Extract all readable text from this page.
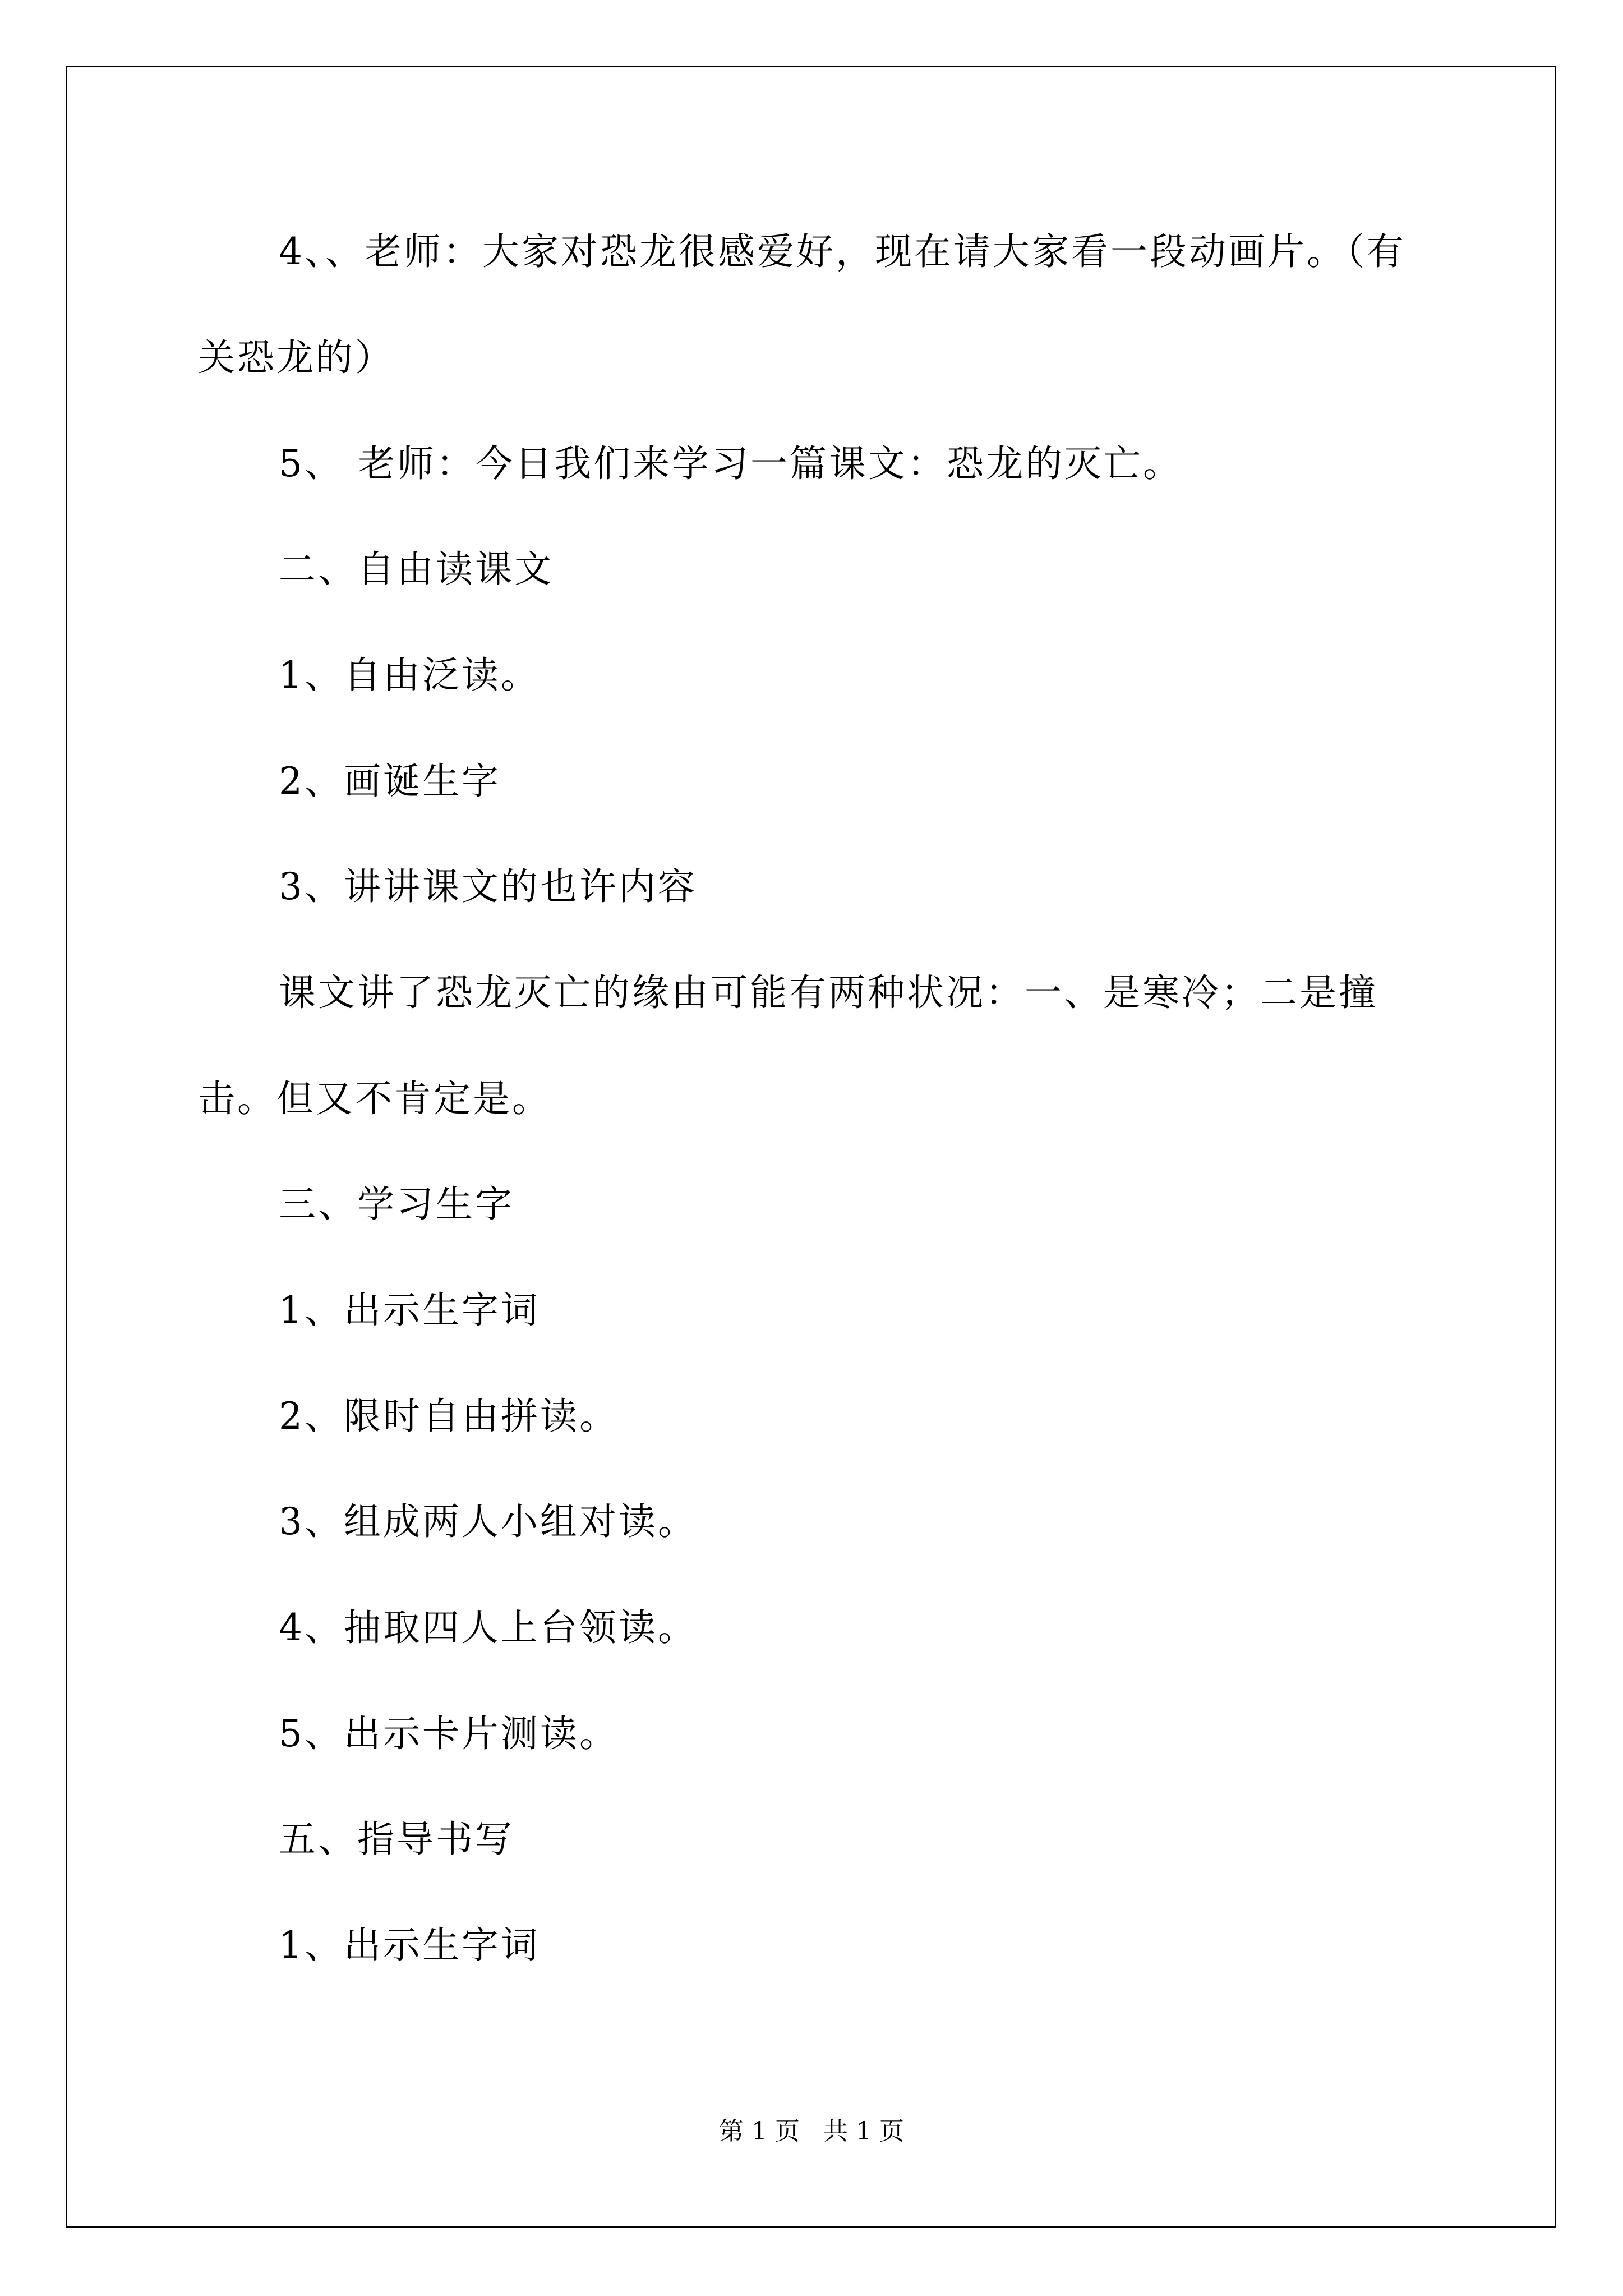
4、、老师：大家对恐龙很感爱好，现在请大家看一段动画片。（有
关恐龙的）
5、 老师：今日我们来学习一篇课文：恐龙的灭亡。
二、自由读课文
1、自由泛读。
2、画诞生字
3、讲讲课文的也许内容
课文讲了恐龙灭亡的缘由可能有两种状况：一、是寒冷；二是撞
击。但又不肯定是。
三、学习生字
1、出示生字词
2、限时自由拼读。
3、组成两人小组对读。
4、抽取四人上台领读。
5、出示卡片测读。
五、指导书写
1、出示生字词
第 1 页   共 1 页
